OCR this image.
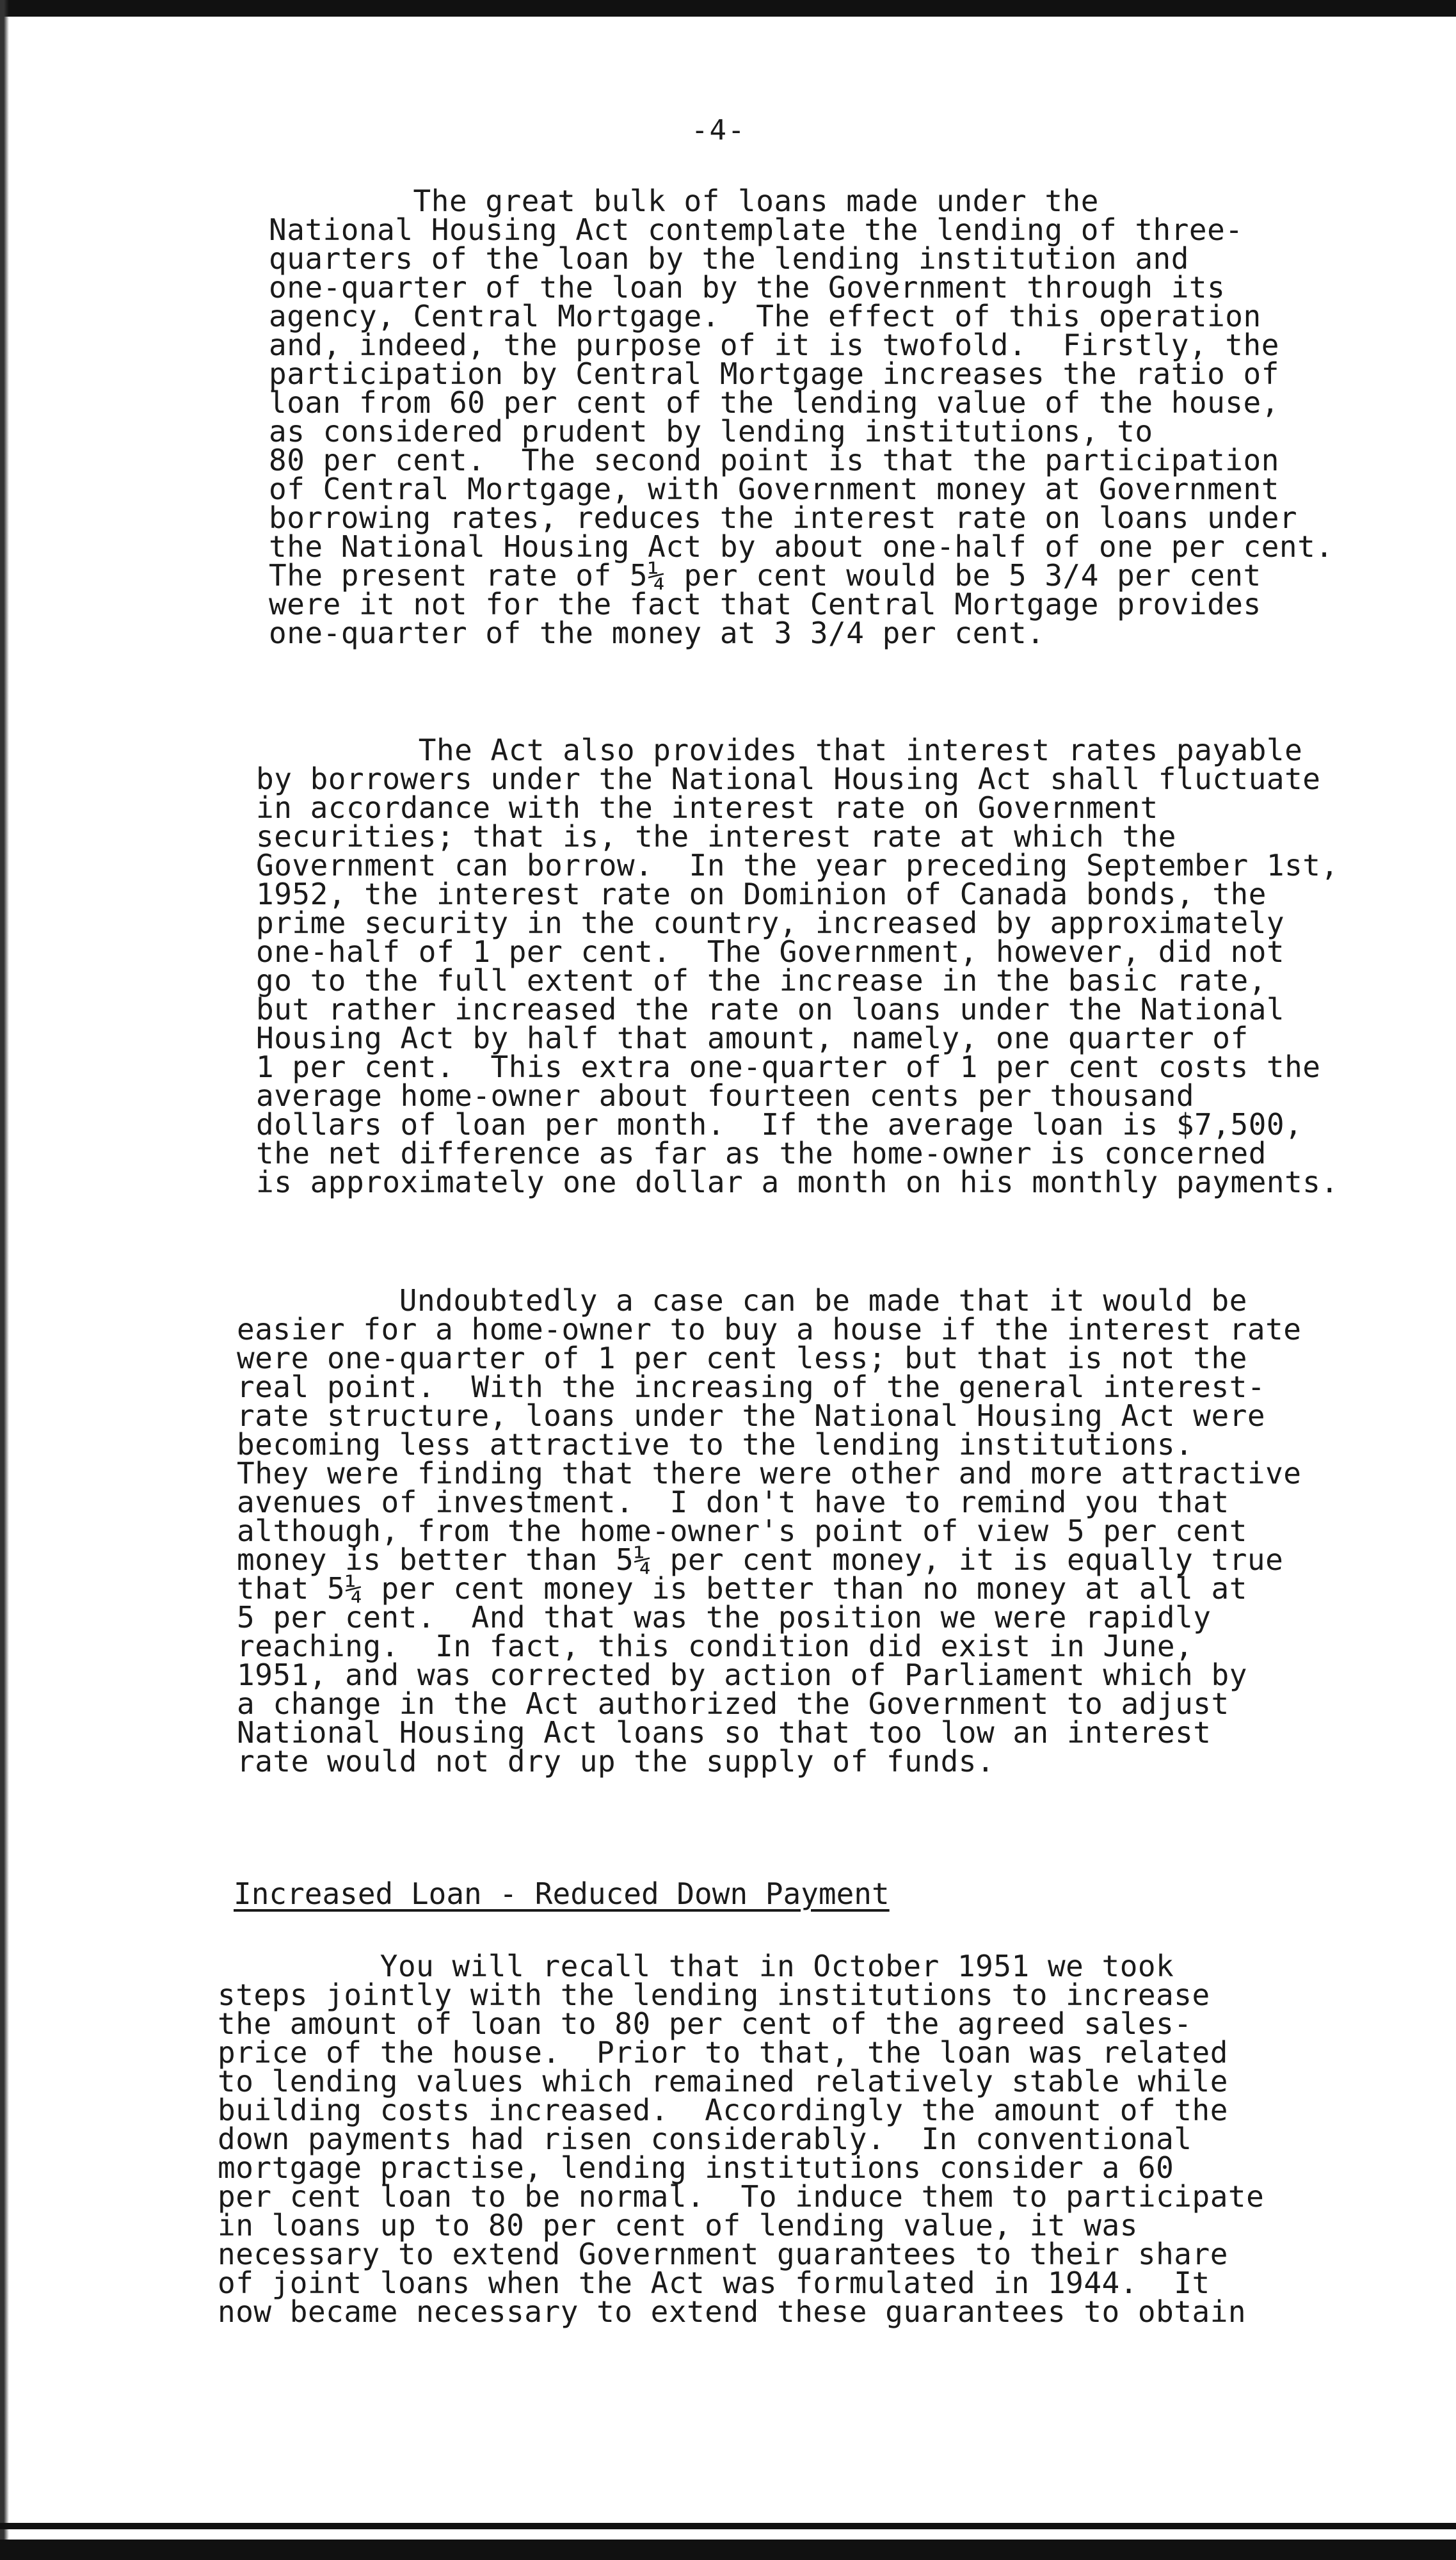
-4-
The great bulk of loans made under the
National Housing Act contemplate the lending of three-
quarters of the loan by the lending institution and
one-quarter of the loan by the Government through its
agency, Central Mortgage.  The effect of this operation
and, indeed, the purpose of it is twofold.  Firstly, the
participation by Central Mortgage increases the ratio of
loan from 60 per cent of the lending value of the house,
as considered prudent by lending institutions, to
80 per cent.  The second point is that the participation
of Central Mortgage, with Government money at Government
borrowing rates, reduces the interest rate on loans under
the National Housing Act by about one-half of one per cent.
The present rate of 5¼ per cent would be 5 3/4 per cent
were it not for the fact that Central Mortgage provides
one-quarter of the money at 3 3/4 per cent.
The Act also provides that interest rates payable
by borrowers under the National Housing Act shall fluctuate
in accordance with the interest rate on Government
securities; that is, the interest rate at which the
Government can borrow.  In the year preceding September 1st,
1952, the interest rate on Dominion of Canada bonds, the
prime security in the country, increased by approximately
one-half of 1 per cent.  The Government, however, did not
go to the full extent of the increase in the basic rate,
but rather increased the rate on loans under the National
Housing Act by half that amount, namely, one quarter of
1 per cent.  This extra one-quarter of 1 per cent costs the
average home-owner about fourteen cents per thousand
dollars of loan per month.  If the average loan is $7,500,
the net difference as far as the home-owner is concerned
is approximately one dollar a month on his monthly payments.
Undoubtedly a case can be made that it would be
easier for a home-owner to buy a house if the interest rate
were one-quarter of 1 per cent less; but that is not the
real point.  With the increasing of the general interest-
rate structure, loans under the National Housing Act were
becoming less attractive to the lending institutions.
They were finding that there were other and more attractive
avenues of investment.  I don't have to remind you that
although, from the home-owner's point of view 5 per cent
money is better than 5¼ per cent money, it is equally true
that 5¼ per cent money is better than no money at all at
5 per cent.  And that was the position we were rapidly
reaching.  In fact, this condition did exist in June,
1951, and was corrected by action of Parliament which by
a change in the Act authorized the Government to adjust
National Housing Act loans so that too low an interest
rate would not dry up the supply of funds.
Increased Loan - Reduced Down Payment
You will recall that in October 1951 we took
steps jointly with the lending institutions to increase
the amount of loan to 80 per cent of the agreed sales-
price of the house.  Prior to that, the loan was related
to lending values which remained relatively stable while
building costs increased.  Accordingly the amount of the
down payments had risen considerably.  In conventional
mortgage practise, lending institutions consider a 60
per cent loan to be normal.  To induce them to participate
in loans up to 80 per cent of lending value, it was
necessary to extend Government guarantees to their share
of joint loans when the Act was formulated in 1944.  It
now became necessary to extend these guarantees to obtain
